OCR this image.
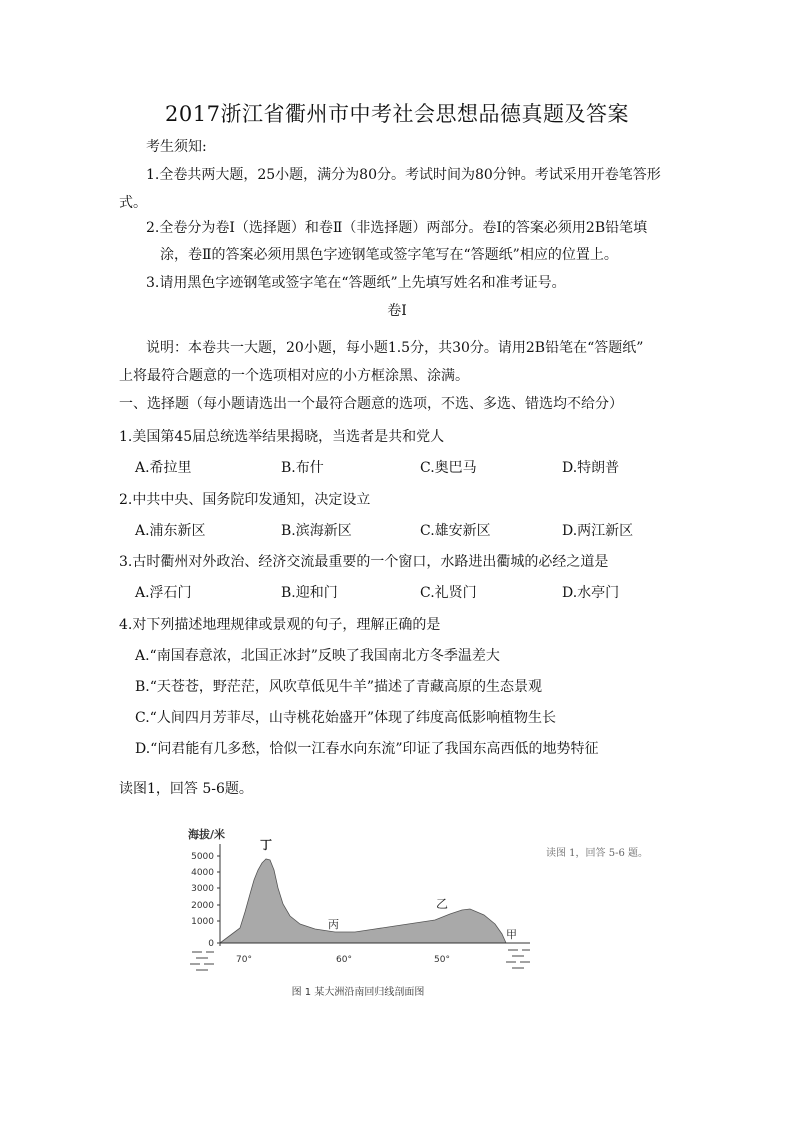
2017浙江省衢州市中考社会思想品德真题及答案
考生须知:
1.全卷共两大题，25小题，满分为80分。考试时间为80分钟。考试采用开卷笔答形
式。
2.全卷分为卷Ⅰ（选择题）和卷Ⅱ（非选择题）两部分。卷Ⅰ的答案必须用2B铅笔填
涂，卷Ⅱ的答案必须用黑色字迹钢笔或签字笔写在“答题纸”相应的位置上。
3.请用黑色字迹钢笔或签字笔在“答题纸”上先填写姓名和准考证号。
卷Ⅰ
说明：本卷共一大题，20小题，每小题1.5分，共30分。请用2B铅笔在“答题纸”
上将最符合题意的一个选项相对应的小方框涂黑、涂满。
一、选择题（每小题请选出一个最符合题意的选项，不选、多选、错选均不给分）
1.美国第45届总统选举结果揭晓，当选者是共和党人
A.希拉里	B.布什	C.奥巴马	D.特朗普
2.中共中央、国务院印发通知，决定设立
A.浦东新区	B.滨海新区	C.雄安新区	D.两江新区
3.古时衢州对外政治、经济交流最重要的一个窗口，水路进出衢城的必经之道是
A.浮石门	B.迎和门	C.礼贤门	D.水亭门
4.对下列描述地理规律或景观的句子，理解正确的是
A.“南国春意浓，北国正冰封”反映了我国南北方冬季温差大
B.“天苍苍，野茫茫，风吹草低见牛羊”描述了青藏高原的生态景观
C.“人间四月芳菲尽，山寺桃花始盛开”体现了纬度高低影响植物生长
D.“问君能有几多愁，恰似一江春水向东流”印证了我国东高西低的地势特征
读图1，回答 5-6题。
海拔/米
5000
4000
3000
2000
1000
0
70°	60°	50°
丁
丙
乙
甲
读图 1，回答 5-6 题。
图 1 某大洲沿南回归线剖面图
